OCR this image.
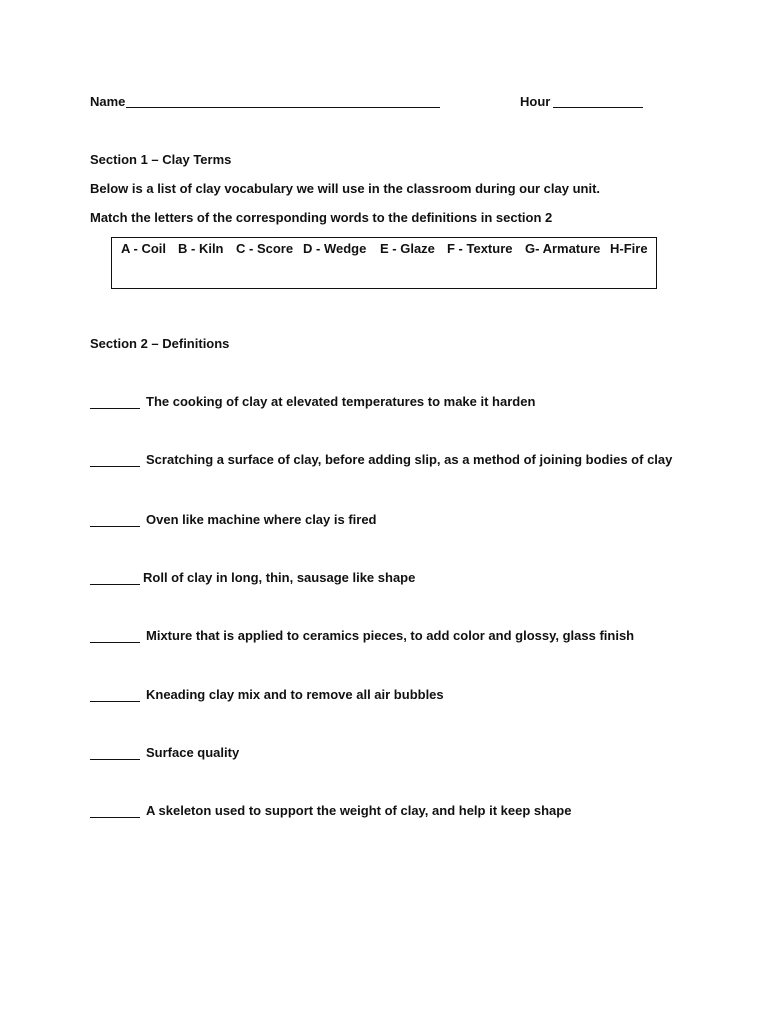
Name	Hour
Section 1 – Clay Terms
Below is a list of clay vocabulary we will use in the classroom during our clay unit.
Match the letters of the corresponding words to the definitions in section 2
A - Coil B - Kiln C - Score D - Wedge E - Glaze F - Texture G- Armature H-Fire
Section 2 – Definitions
The cooking of clay at elevated temperatures to make it harden
Scratching a surface of clay, before adding slip, as a method of joining bodies of clay
Oven like machine where clay is fired
Roll of clay in long, thin, sausage like shape
Mixture that is applied to ceramics pieces, to add color and glossy, glass finish
Kneading clay mix and to remove all air bubbles
Surface quality
A skeleton used to support the weight of clay, and help it keep shape
